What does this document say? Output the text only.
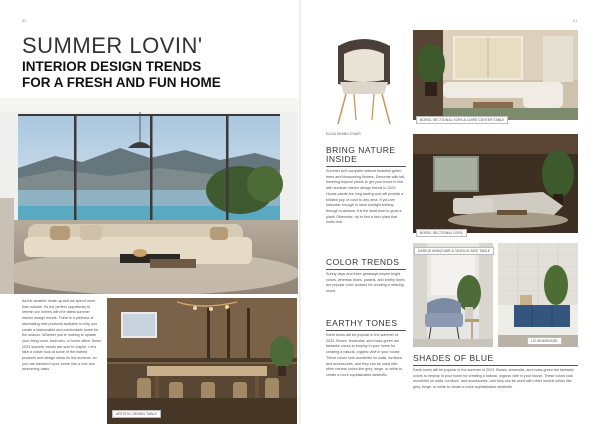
80
SUMMER LOVIN'
INTERIOR DESIGN TRENDS
FOR A FRESH AND FUN HOME
As the weather heats up and we spend more time outside, it's the perfect opportunity to refresh our homes with the latest summer interior design trends. There is a plethora of fascinating new products available to help you create a fashionable and comfortable home for the season. Whether you're looking to update your living room, bedroom, or home office, these 2023 summer trends are sure to inspire. Let's take a closer look at some of the hottest products and design ideas for the summer, so you can transform your home into a chic and welcoming oasis.
ARTISTIC DINING TABLE
81
ELISA DINING CHAIR
BOREL SECTIONAL SOFA & LOIRE CENTER TABLE
BRING NATURE
INSIDE
Summer isn't complete without beautiful green trees and blossoming flowers. Decorate with tall, towering tropical plants to get your home in line with summer interior design trends in 2023. House plants are long-lasting and will provide a brilliant pop of color to any area. If you are fortunate enough to have sunlight shining through a window, it is the ideal time to grow a plant! Otherwise, try to find a faux plant that looks real.
BOREL SECTIONAL SOFA
COLOR TRENDS
Sunny days and fresh getaways inspire bright colors, whereas blues, pastels, and earthy tones are popular color choices for creating a relaxing mood.
EARTHY TONES
Earth tones will be popular in the summer of 2023. Brown, terracotta, and moss green are fantastic colors to employ in your home for creating a natural, organic vibe in your house. These colors look wonderful on walls, furniture, and accessories, and they can be used with other neutral colors like grey, beige, or white to create a more sophisticated aesthetic.
DARIUS ARMCHAIR & VINCIUS SIDE TABLE
LIZ SIDEBOARD
SHADES OF BLUE
Earth tones will be popular in the summer of 2023. Brown, terracotta, and moss green are fantastic colors to employ in your home for creating a natural, organic vibe in your house. These colors look wonderful on walls, furniture, and accessories, and they can be used with other neutral colors like grey, beige, or white to create a more sophisticated aesthetic.
